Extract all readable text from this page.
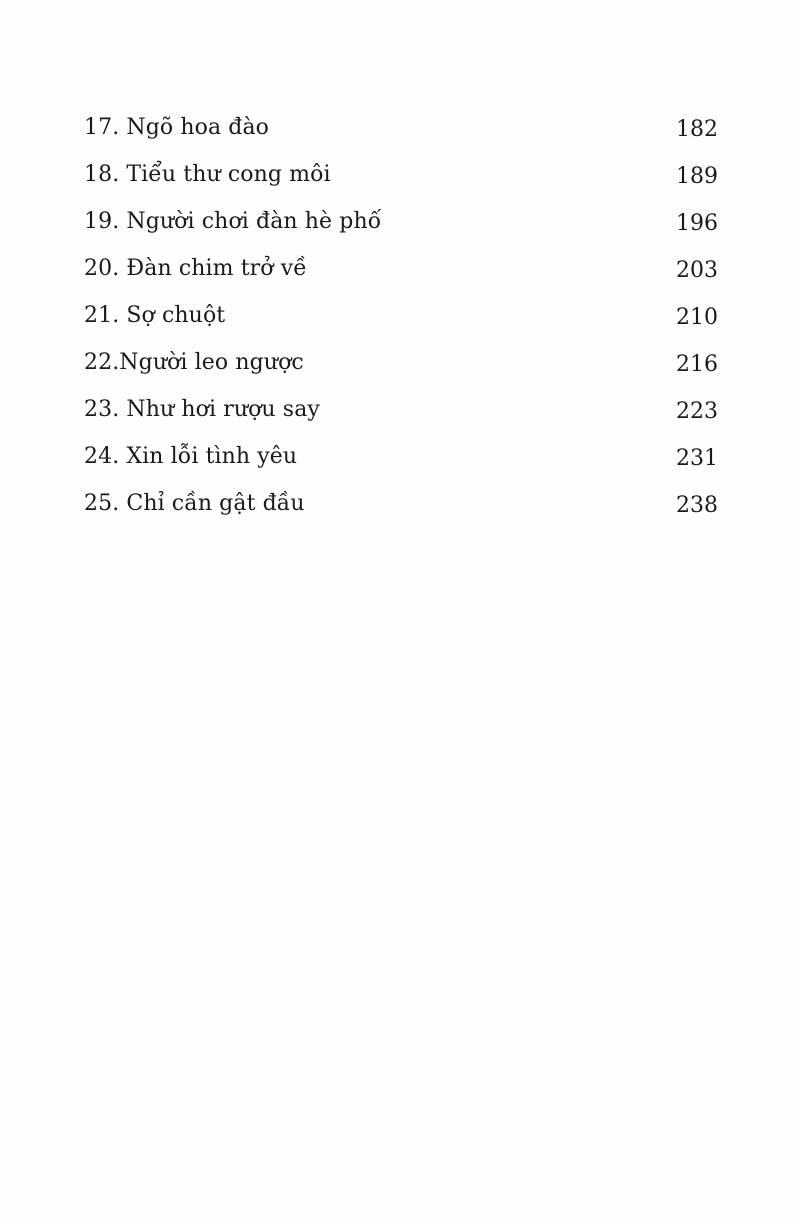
17. Ngõ hoa đào	182
18. Tiểu thư cong môi	189
19. Người chơi đàn hè phố	196
20. Đàn chim trở về	203
21. Sợ chuột	210
22.Người leo ngược	216
23. Như hơi rượu say	223
24. Xin lỗi tình yêu	231
25. Chỉ cần gật đầu	238
